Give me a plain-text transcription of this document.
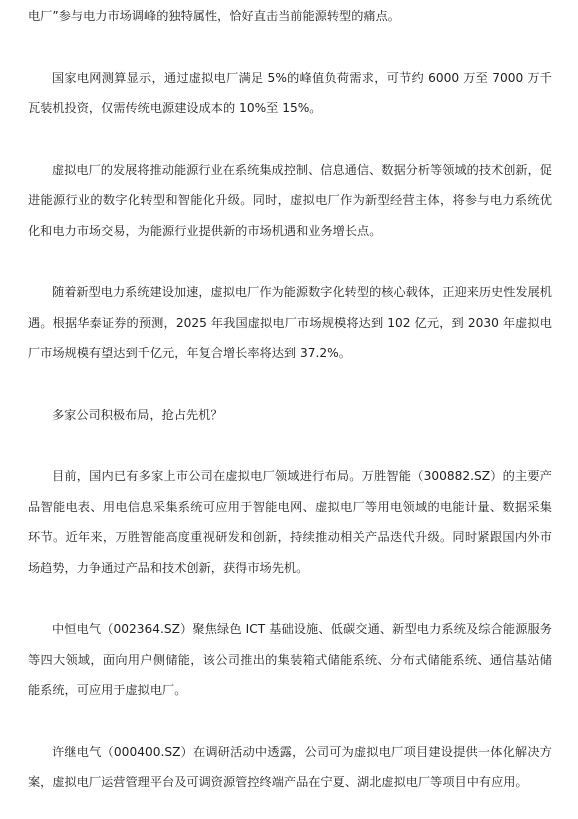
电厂”参与电力市场调峰的独特属性，恰好直击当前能源转型的痛点。

国家电网测算显示，通过虚拟电厂满足 5%的峰值负荷需求，可节约 6000 万至 7000 万千瓦装机投资，仅需传统电源建设成本的 10%至 15%。

虚拟电厂的发展将推动能源行业在系统集成控制、信息通信、数据分析等领域的技术创新，促进能源行业的数字化转型和智能化升级。同时，虚拟电厂作为新型经营主体，将参与电力系统优化和电力市场交易，为能源行业提供新的市场机遇和业务增长点。

随着新型电力系统建设加速，虚拟电厂作为能源数字化转型的核心载体，正迎来历史性发展机遇。根据华泰证券的预测，2025 年我国虚拟电厂市场规模将达到 102 亿元，到 2030 年虚拟电厂市场规模有望达到千亿元，年复合增长率将达到 37.2%。

多家公司积极布局，抢占先机？

目前，国内已有多家上市公司在虚拟电厂领域进行布局。万胜智能（300882.SZ）的主要产品智能电表、用电信息采集系统可应用于智能电网、虚拟电厂等用电领域的电能计量、数据采集环节。近年来，万胜智能高度重视研发和创新，持续推动相关产品迭代升级。同时紧跟国内外市场趋势，力争通过产品和技术创新，获得市场先机。

中恒电气（002364.SZ）聚焦绿色 ICT 基础设施、低碳交通、新型电力系统及综合能源服务等四大领域，面向用户侧储能，该公司推出的集装箱式储能系统、分布式储能系统、通信基站储能系统，可应用于虚拟电厂。

许继电气（000400.SZ）在调研活动中透露，公司可为虚拟电厂项目建设提供一体化解决方案，虚拟电厂运营管理平台及可调资源管控终端产品在宁夏、湖北虚拟电厂等项目中有应用。
